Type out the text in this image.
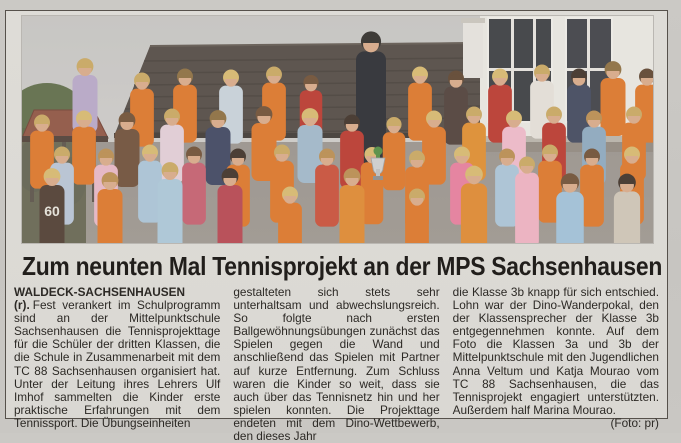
60
Zum neunten Mal Tennisprojekt an der MPS Sachsenhausen

WALDECK-SACHSENHAUSEN (r). Fest verankert im Schulprogramm sind an der Mittelpunktschule Sachsenhausen die Tennisprojekttage für die Schüler der dritten Klassen, die die Schule in Zusammenarbeit mit dem TC 88 Sachsenhausen organisiert hat. Unter der Leitung ihres Lehrers Ulf Imhof sammelten die Kinder erste praktische Erfahrungen mit dem Tennissport. Die Übungseinheiten

gestalteten sich stets sehr unterhaltsam und abwechslungsreich. So folgte nach ersten Ballgewöhnungsübungen zunächst das Spielen gegen die Wand und anschließend das Spielen mit Partner auf kurze Entfernung. Zum Schluss waren die Kinder so weit, dass sie auch über das Tennisnetz hin und her spielen konnten. Die Projekttage endeten mit dem Dino-Wettbewerb, den dieses Jahr

die Klasse 3b knapp für sich entschied. Lohn war der Dino-Wanderpokal, den der Klassensprecher der Klasse 3b entgegennehmen konnte. Auf dem Foto die Klassen 3a und 3b der Mittelpunktschule mit den Jugendlichen Anna Veltum und Katja Mourao vom TC 88 Sachsenhausen, die das Tennisprojekt engagiert unterstützten. Außerdem half Marina Mourao.
(Foto: pr)
